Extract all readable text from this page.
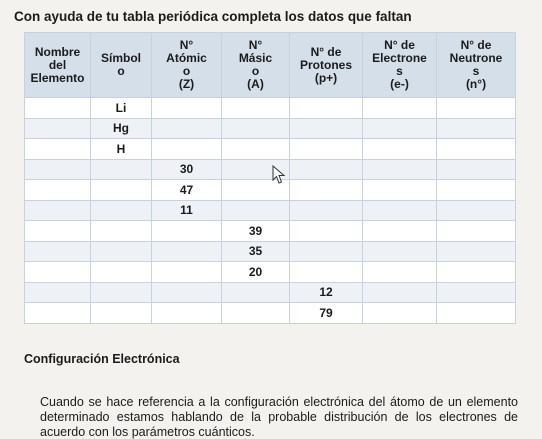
Con ayuda de tu tabla periódica completa los datos que faltan
Nombre
del
Elemento	Símbol
o	N°
Atómic
o
(Z)	N°
Másic
o
(A)	N° de
Protones
(p+)	N° de
Electrone
s
(e-)	N° de
Neutrone
s
(n°)

	Li					
	Hg					
	H					
		30				
		47				
		11				
			39			
			35			
			20			
				12		
				79		
Configuración Electrónica
Cuando se hace referencia a la configuración electrónica del átomo de un elemento determinado estamos hablando de la probable distribución de los electrones de acuerdo con los parámetros cuánticos.
